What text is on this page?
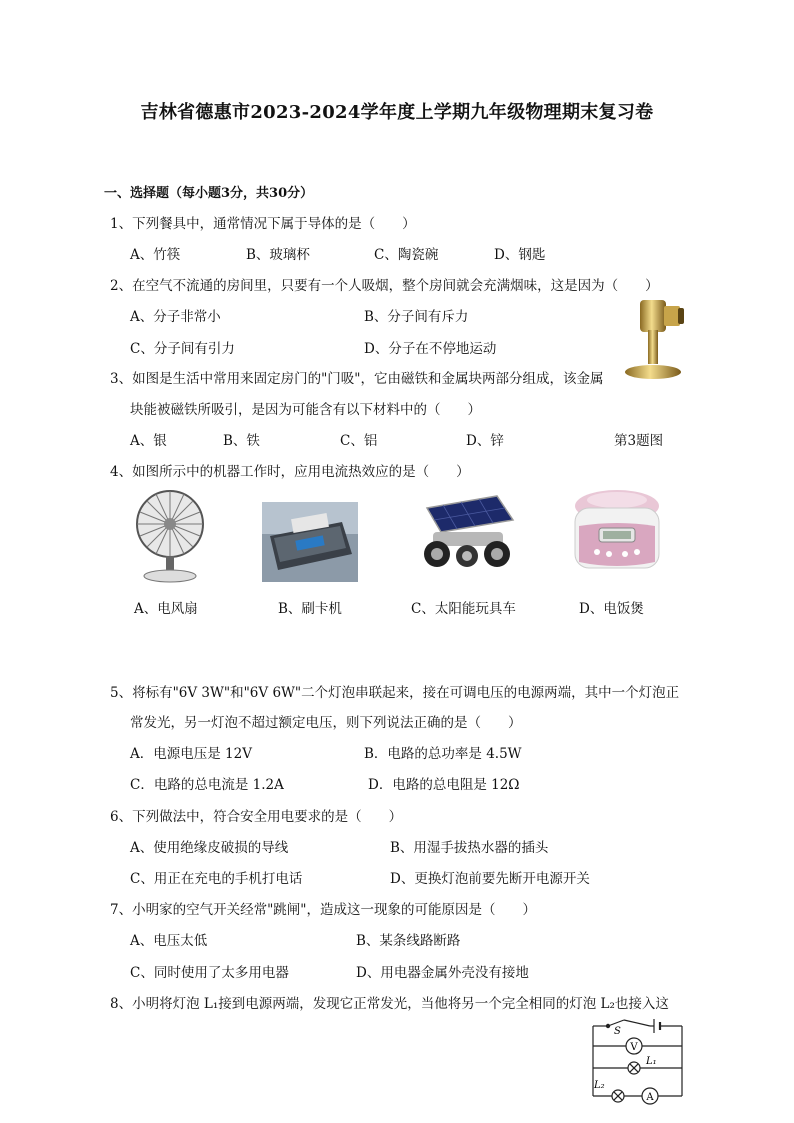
吉林省德惠市2023-2024学年度上学期九年级物理期末复习卷
一、选择题（每小题3分，共30分）
1、下列餐具中，通常情况下属于导体的是（　　）
A、竹筷	B、玻璃杯	C、陶瓷碗	D、钢匙
2、在空气不流通的房间里，只要有一个人吸烟，整个房间就会充满烟味，这是因为（　　）
A、分子非常小	B、分子间有斥力
C、分子间有引力	D、分子在不停地运动
3、如图是生活中常用来固定房门的"门吸"，它由磁铁和金属块两部分组成，该金属
块能被磁铁所吸引，是因为可能含有以下材料中的（　　）
A、银	B、铁	C、铝	D、锌	第3题图
4、如图所示中的机器工作时，应用电流热效应的是（　　）
A、电风扇	B、刷卡机	C、太阳能玩具车	D、电饭煲
5、将标有"6V 3W"和"6V 6W"二个灯泡串联起来，接在可调电压的电源两端，其中一个灯泡正
常发光，另一灯泡不超过额定电压，则下列说法正确的是（　　）
A．电源电压是 12V	B．电路的总功率是 4.5W
C．电路的总电流是 1.2A	D．电路的总电阻是 12Ω
6、下列做法中，符合安全用电要求的是（　　）
A、使用绝缘皮破损的导线	B、用湿手拔热水器的插头
C、用正在充电的手机打电话	D、更换灯泡前要先断开电源开关
7、小明家的空气开关经常"跳闸"，造成这一现象的可能原因是（　　）
A、电压太低	B、某条线路断路
C、同时使用了太多用电器	D、用电器金属外壳没有接地
8、小明将灯泡 L₁接到电源两端，发现它正常发光，当他将另一个完全相同的灯泡 L₂也接入这
S
V
L₁
L₂
A
